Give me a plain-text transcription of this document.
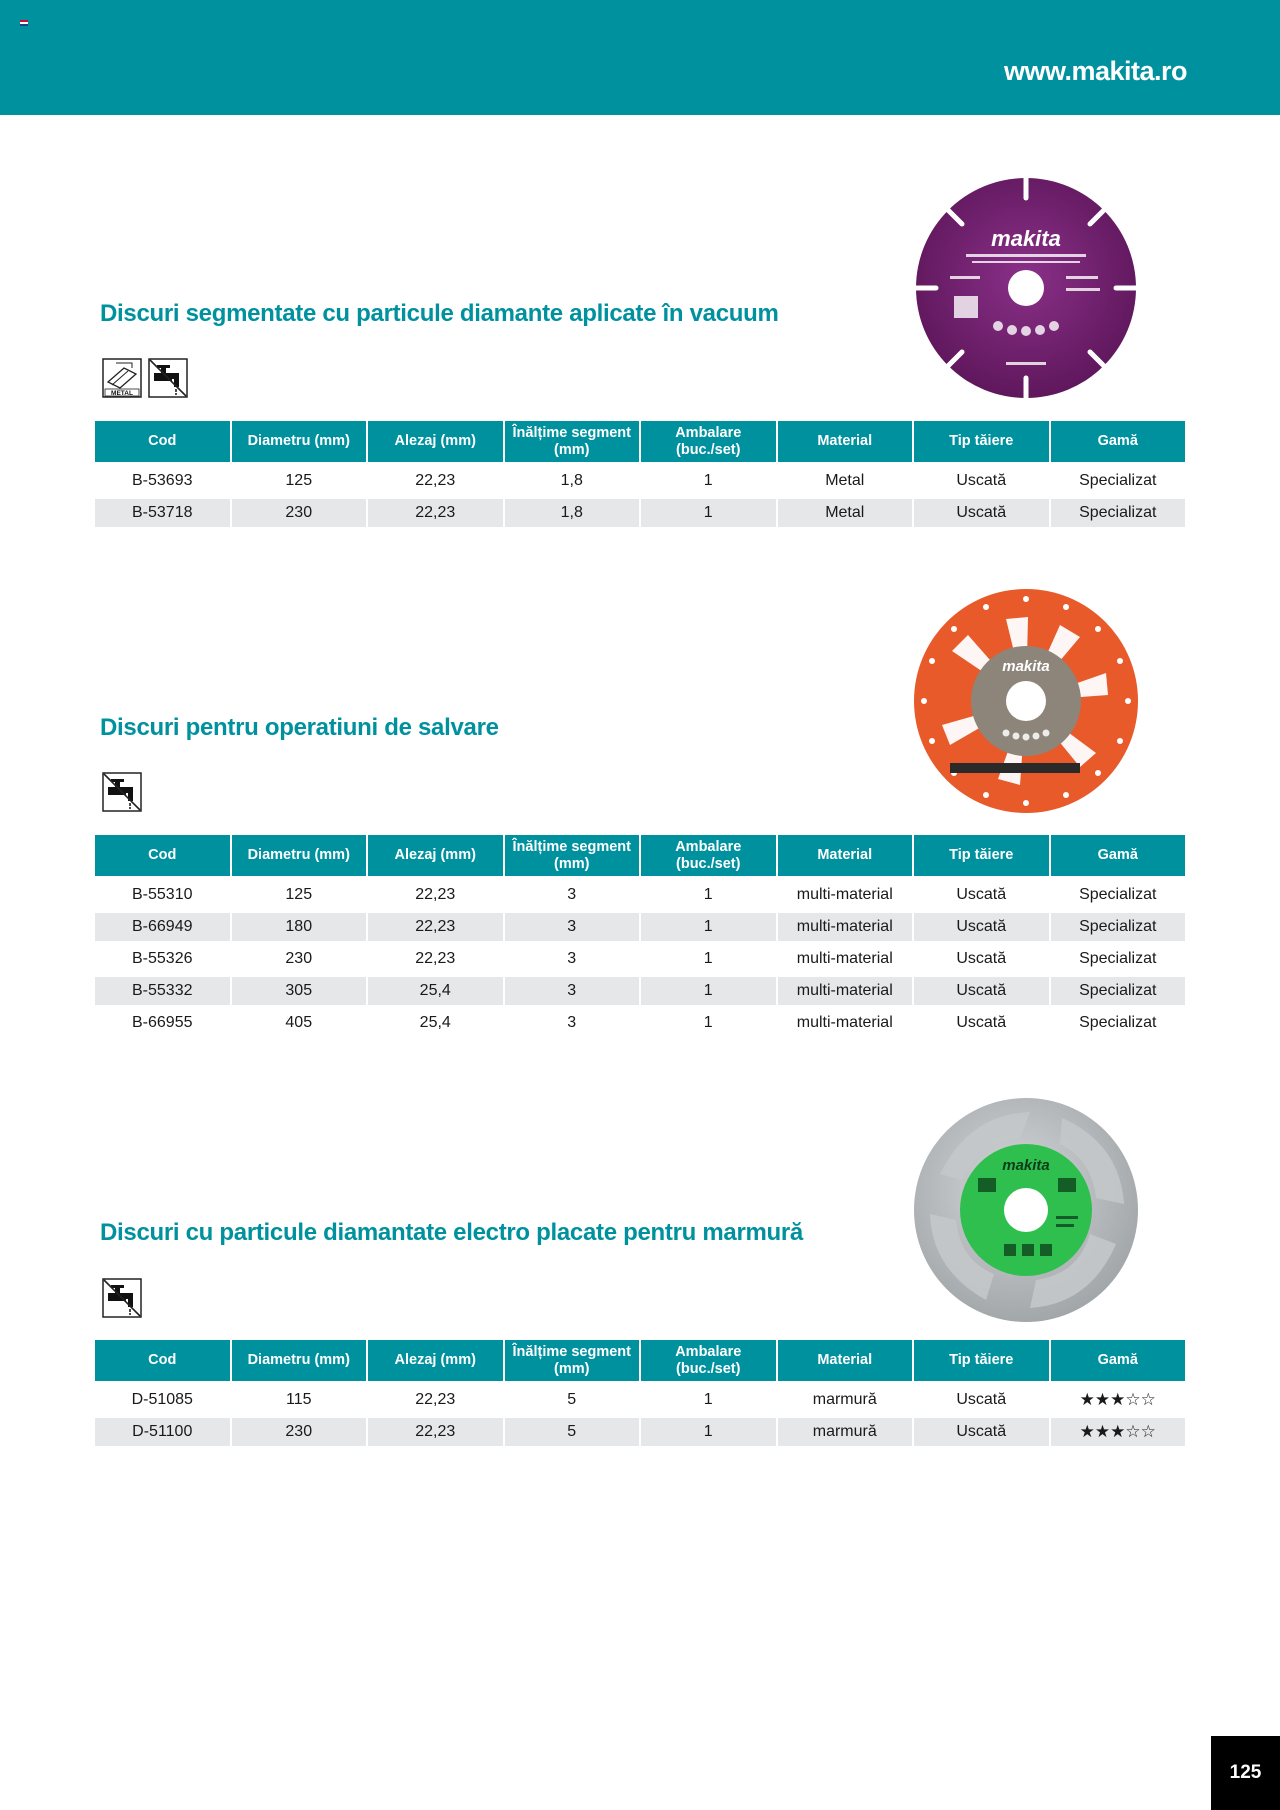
www.makita.ro
Discuri segmentate cu particule diamante aplicate în vacuum
METAL
makita
Cod	Diametru (mm)	Alezaj (mm)	Înălțime segment (mm)	Ambalare (buc./set)	Material	Tip tăiere	Gamă
B-53693	125	22,23	1,8	1	Metal	Uscată	Specializat
B-53718	230	22,23	1,8	1	Metal	Uscată	Specializat
Discuri pentru operatiuni de salvare
makita
Cod	Diametru (mm)	Alezaj (mm)	Înălțime segment (mm)	Ambalare (buc./set)	Material	Tip tăiere	Gamă
B-55310	125	22,23	3	1	multi-material	Uscată	Specializat
B-66949	180	22,23	3	1	multi-material	Uscată	Specializat
B-55326	230	22,23	3	1	multi-material	Uscată	Specializat
B-55332	305	25,4	3	1	multi-material	Uscată	Specializat
B-66955	405	25,4	3	1	multi-material	Uscată	Specializat
Discuri cu particule diamantate electro placate pentru marmură
makita
Cod	Diametru (mm)	Alezaj (mm)	Înălțime segment (mm)	Ambalare (buc./set)	Material	Tip tăiere	Gamă
D-51085	115	22,23	5	1	marmură	Uscată	★★★☆☆
D-51100	230	22,23	5	1	marmură	Uscată	★★★☆☆
125
